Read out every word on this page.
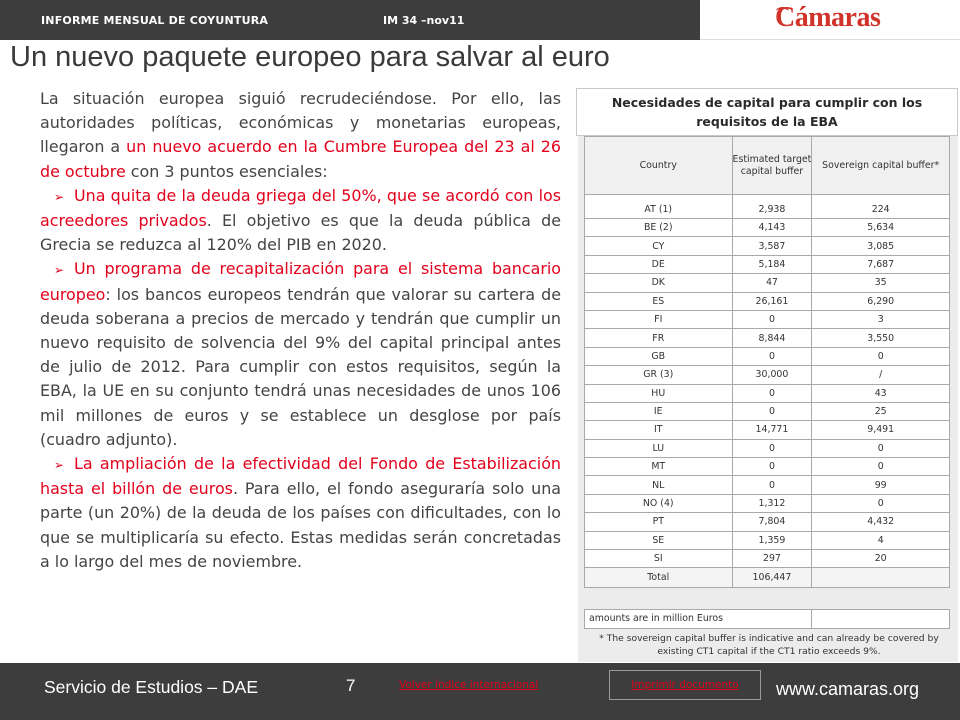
INFORME MENSUAL DE COYUNTURA	IM 34 –nov11	Cámaras
Un nuevo paquete europeo para salvar al euro

La situación europea siguió recrudeciéndose. Por ello, las autoridades políticas, económicas y monetarias europeas, llegaron a un nuevo acuerdo en la Cumbre Europea del 23 al 26 de octubre con 3 puntos esenciales:

➢ Una quita de la deuda griega del 50%, que se acordó con los acreedores privados. El objetivo es que la deuda pública de Grecia se reduzca al 120% del PIB en 2020.

➢ Un programa de recapitalización para el sistema bancario europeo: los bancos europeos tendrán que valorar su cartera de deuda soberana a precios de mercado y tendrán que cumplir un nuevo requisito de solvencia del 9% del capital principal antes de julio de 2012. Para cumplir con estos requisitos, según la EBA, la UE en su conjunto tendrá unas necesidades de unos 106 mil millones de euros y se establece un desglose por país (cuadro adjunto).

➢ La ampliación de la efectividad del Fondo de Estabilización hasta el billón de euros. Para ello, el fondo aseguraría solo una parte (un 20%) de la deuda de los países con dificultades, con lo que se multiplicaría su efecto. Estas medidas serán concretadas a lo largo del mes de noviembre.

Necesidades de capital para cumplir con los requisitos de la EBA
Country	Estimated target capital buffer	Sovereign capital buffer*
AT (1)	2,938	224
BE (2)	4,143	5,634
CY	3,587	3,085
DE	5,184	7,687
DK	47	35
ES	26,161	6,290
FI	0	3
FR	8,844	3,550
GB	0	0
GR (3)	30,000	/
HU	0	43
IE	0	25
IT	14,771	9,491
LU	0	0
MT	0	0
NL	0	99
NO (4)	1,312	0
PT	7,804	4,432
SE	1,359	4
SI	297	20
Total	106,447	
amounts are in million Euros
* The sovereign capital buffer is indicative and can already be covered by existing CT1 capital if the CT1 ratio exceeds 9%.
Servicio de Estudios – DAE	7	Volver índice internacional	Imprimir documento	www.camaras.org
